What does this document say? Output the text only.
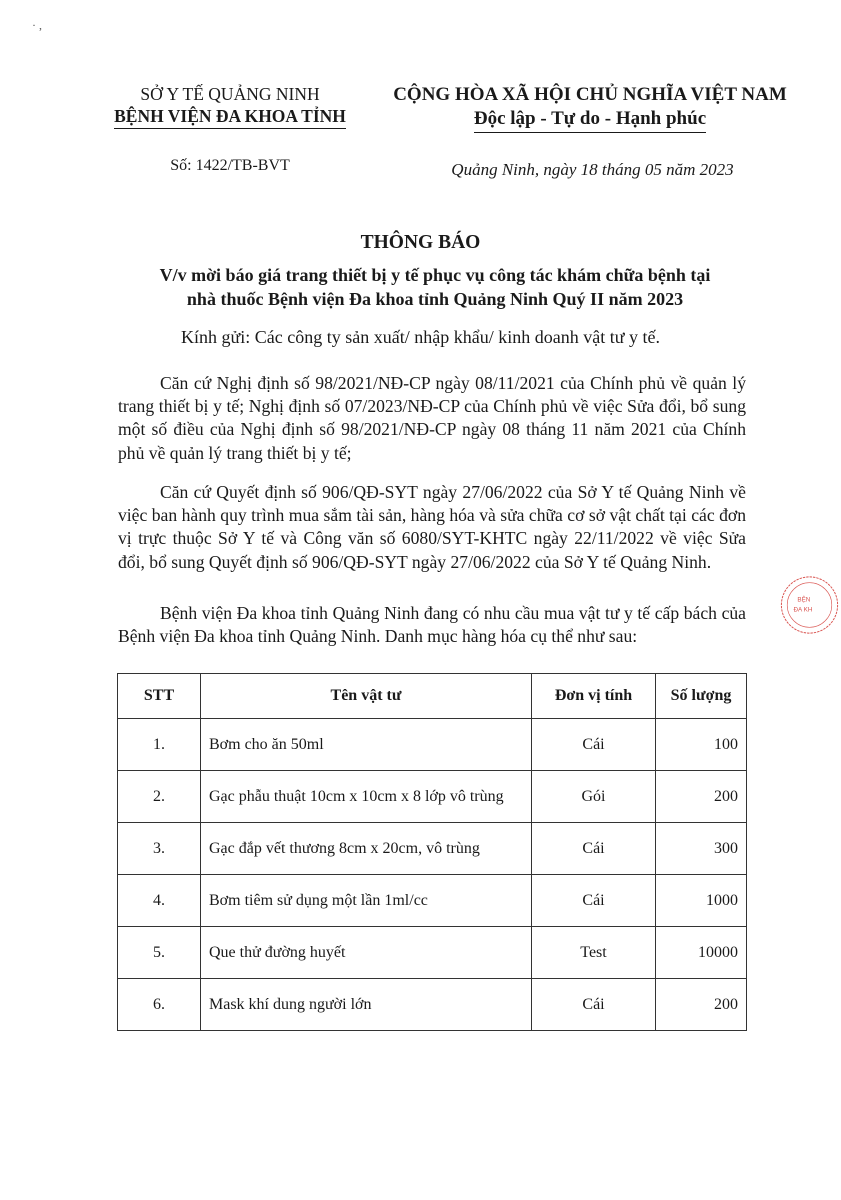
· ,
SỞ Y TẾ QUẢNG NINH
BỆNH VIỆN ĐA KHOA TỈNH
CỘNG HÒA XÃ HỘI CHỦ NGHĨA VIỆT NAM
Độc lập - Tự do - Hạnh phúc
Số: 1422/TB-BVT	Quảng Ninh, ngày 18 tháng 05 năm 2023
THÔNG BÁO
V/v mời báo giá trang thiết bị y tế phục vụ công tác khám chữa bệnh tại
nhà thuốc Bệnh viện Đa khoa tỉnh Quảng Ninh Quý II năm 2023
Kính gửi: Các công ty sản xuất/ nhập khẩu/ kinh doanh vật tư y tế.
Căn cứ Nghị định số 98/2021/NĐ-CP ngày 08/11/2021 của Chính phủ về quản lý trang thiết bị y tế; Nghị định số 07/2023/NĐ-CP của Chính phủ về việc Sửa đổi, bổ sung một số điều của Nghị định số 98/2021/NĐ-CP ngày 08 tháng 11 năm 2021 của Chính phủ về quản lý trang thiết bị y tế;
Căn cứ Quyết định số 906/QĐ-SYT ngày 27/06/2022 của Sở Y tế Quảng Ninh về việc ban hành quy trình mua sắm tài sản, hàng hóa và sửa chữa cơ sở vật chất tại các đơn vị trực thuộc Sở Y tế và Công văn số 6080/SYT-KHTC ngày 22/11/2022 về việc Sửa đổi, bổ sung Quyết định số 906/QĐ-SYT ngày 27/06/2022 của Sở Y tế Quảng Ninh.
Bệnh viện Đa khoa tỉnh Quảng Ninh đang có nhu cầu mua vật tư y tế cấp bách của Bệnh viện Đa khoa tỉnh Quảng Ninh. Danh mục hàng hóa cụ thể như sau:
STT	Tên vật tư	Đơn vị tính	Số lượng
1.	Bơm cho ăn 50ml	Cái	100
2.	Gạc phẫu thuật 10cm x 10cm x 8 lớp vô trùng	Gói	200
3.	Gạc đắp vết thương 8cm x 20cm, vô trùng	Cái	300
4.	Bơm tiêm sử dụng một lần 1ml/cc	Cái	1000
5.	Que thử đường huyết	Test	10000
6.	Mask khí dung người lớn	Cái	200
BỆN
ĐA KH
